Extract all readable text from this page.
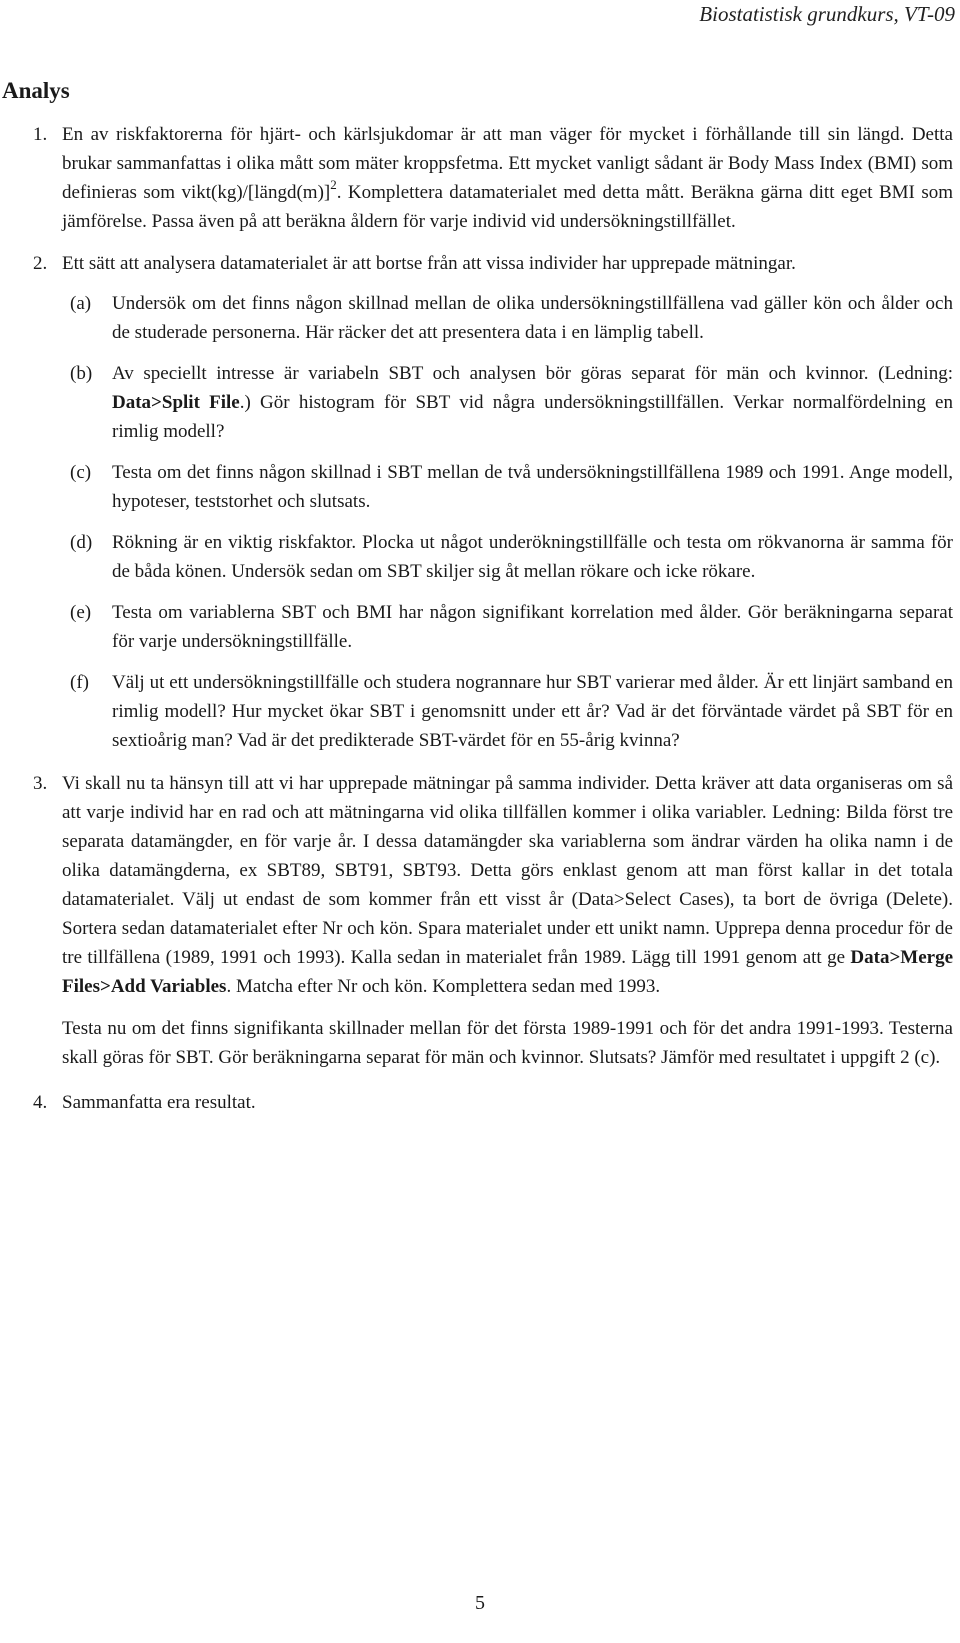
Biostatistisk grundkurs, VT-09
Analys
1. En av riskfaktorerna för hjärt- och kärlsjukdomar är att man väger för mycket i förhållande till sin längd. Detta brukar sammanfattas i olika mått som mäter kroppsfetma. Ett mycket vanligt sådant är Body Mass Index (BMI) som definieras som vikt(kg)/[längd(m)]$^2$. Komplettera datamaterialet med detta mått. Beräkna gärna ditt eget BMI som jämförelse. Passa även på att beräkna åldern för varje individ vid undersökningstillfället.
2. Ett sätt att analysera datamaterialet är att bortse från att vissa individer har upprepade mätningar.
(a) Undersök om det finns någon skillnad mellan de olika undersökningstillfällena vad gäller kön och ålder och de studerade personerna. Här räcker det att presentera data i en lämplig tabell.
(b) Av speciellt intresse är variabeln SBT och analysen bör göras separat för män och kvinnor. (Ledning: Data>Split File.) Gör histogram för SBT vid några undersökningstillfällen. Verkar normalfördelning en rimlig modell?
(c) Testa om det finns någon skillnad i SBT mellan de två undersökningstillfällena 1989 och 1991. Ange modell, hypoteser, teststorhet och slutsats.
(d) Rökning är en viktig riskfaktor. Plocka ut något underökningstillfälle och testa om rökvanorna är samma för de båda könen. Undersök sedan om SBT skiljer sig åt mellan rökare och icke rökare.
(e) Testa om variablerna SBT och BMI har någon signifikant korrelation med ålder. Gör beräkningarna separat för varje undersökningstillfälle.
(f) Välj ut ett undersökningstillfälle och studera nogrannare hur SBT varierar med ålder. Är ett linjärt samband en rimlig modell? Hur mycket ökar SBT i genomsnitt under ett år? Vad är det förväntade värdet på SBT för en sextioårig man? Vad är det predikterade SBT-värdet för en 55-årig kvinna?
3. Vi skall nu ta hänsyn till att vi har upprepade mätningar på samma individer. Detta kräver att data organiseras om så att varje individ har en rad och att mätningarna vid olika tillfällen kommer i olika variabler. Ledning: Bilda först tre separata datamängder, en för varje år. I dessa datamängder ska variablerna som ändrar värden ha olika namn i de olika datamängderna, ex SBT89, SBT91, SBT93. Detta görs enklast genom att man först kallar in det totala datamaterialet. Välj ut endast de som kommer från ett visst år (Data>Select Cases), ta bort de övriga (Delete). Sortera sedan datamaterialet efter Nr och kön. Spara materialet under ett unikt namn. Upprepa denna procedur för de tre tillfällena (1989, 1991 och 1993). Kalla sedan in materialet från 1989. Lägg till 1991 genom att ge Data>Merge Files>Add Variables. Matcha efter Nr och kön. Komplettera sedan med 1993.
Testa nu om det finns signifikanta skillnader mellan för det första 1989-1991 och för det andra 1991-1993. Testerna skall göras för SBT. Gör beräkningarna separat för män och kvinnor. Slutsats? Jämför med resultatet i uppgift 2 (c).
4. Sammanfatta era resultat.
5
